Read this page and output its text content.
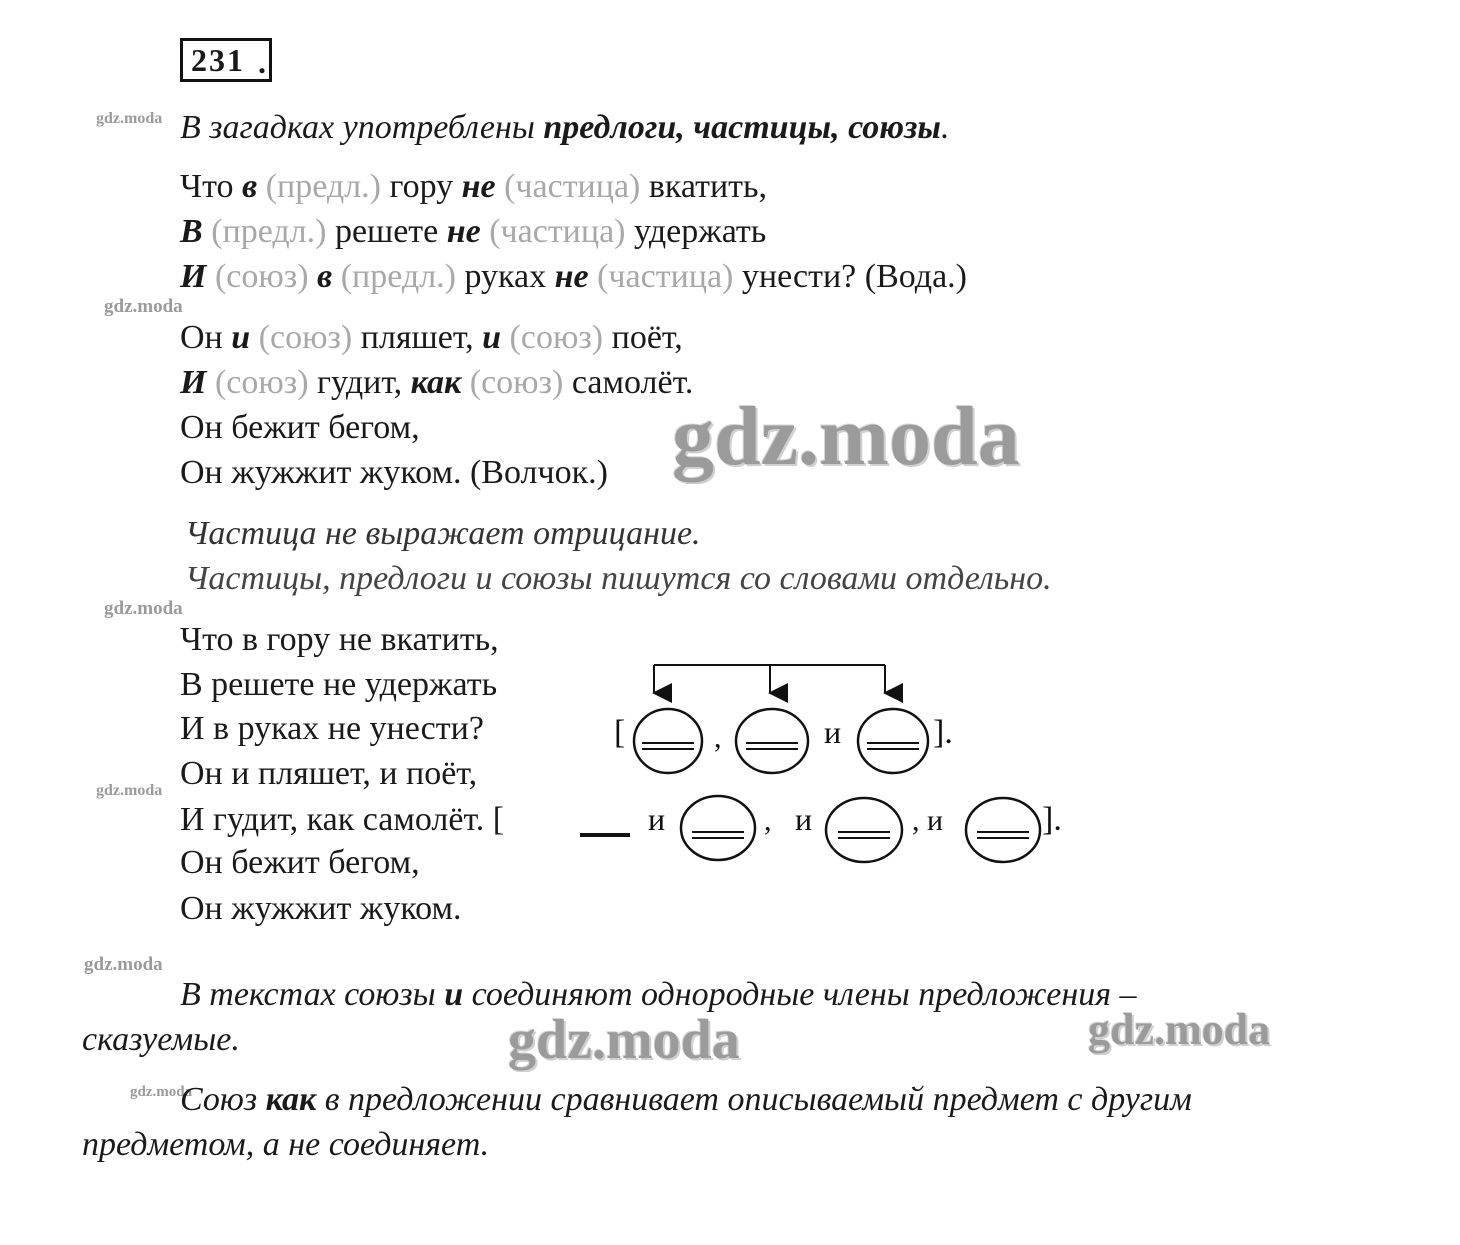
231 .
gdz.moda
gdz.moda
gdz.moda
gdz.moda
gdz.moda
gdz.moda
В загадках употреблены предлоги, частицы, союзы.
Что в (предл.) гору не (частица) вкатить,
В (предл.) решете не (частица) удержать
И (союз) в (предл.) руках не (частица) унести? (Вода.)
Он и (союз) пляшет, и (союз) поёт,
И (союз) гудит, как (союз) самолёт.
Он бежит бегом,
Он жужжит жуком. (Волчок.) gdz.moda
Частица не выражает отрицание.
Частицы, предлоги и союзы пишутся со словами отдельно.
Что в гору не вкатить,
В решете не удержать
И в руках не унести?
Он и пляшет, и поёт,
И гудит, как самолёт. [
Он бежит бегом,
Он жужжит жуком.
[	,	и	].
и	, и	, и	].
В текстах союзы и соединяют однородные члены предложения –
сказуемые.	gdz.moda	gdz.moda
Союз как в предложении сравнивает описываемый предмет с другим
предметом, а не соединяет.
